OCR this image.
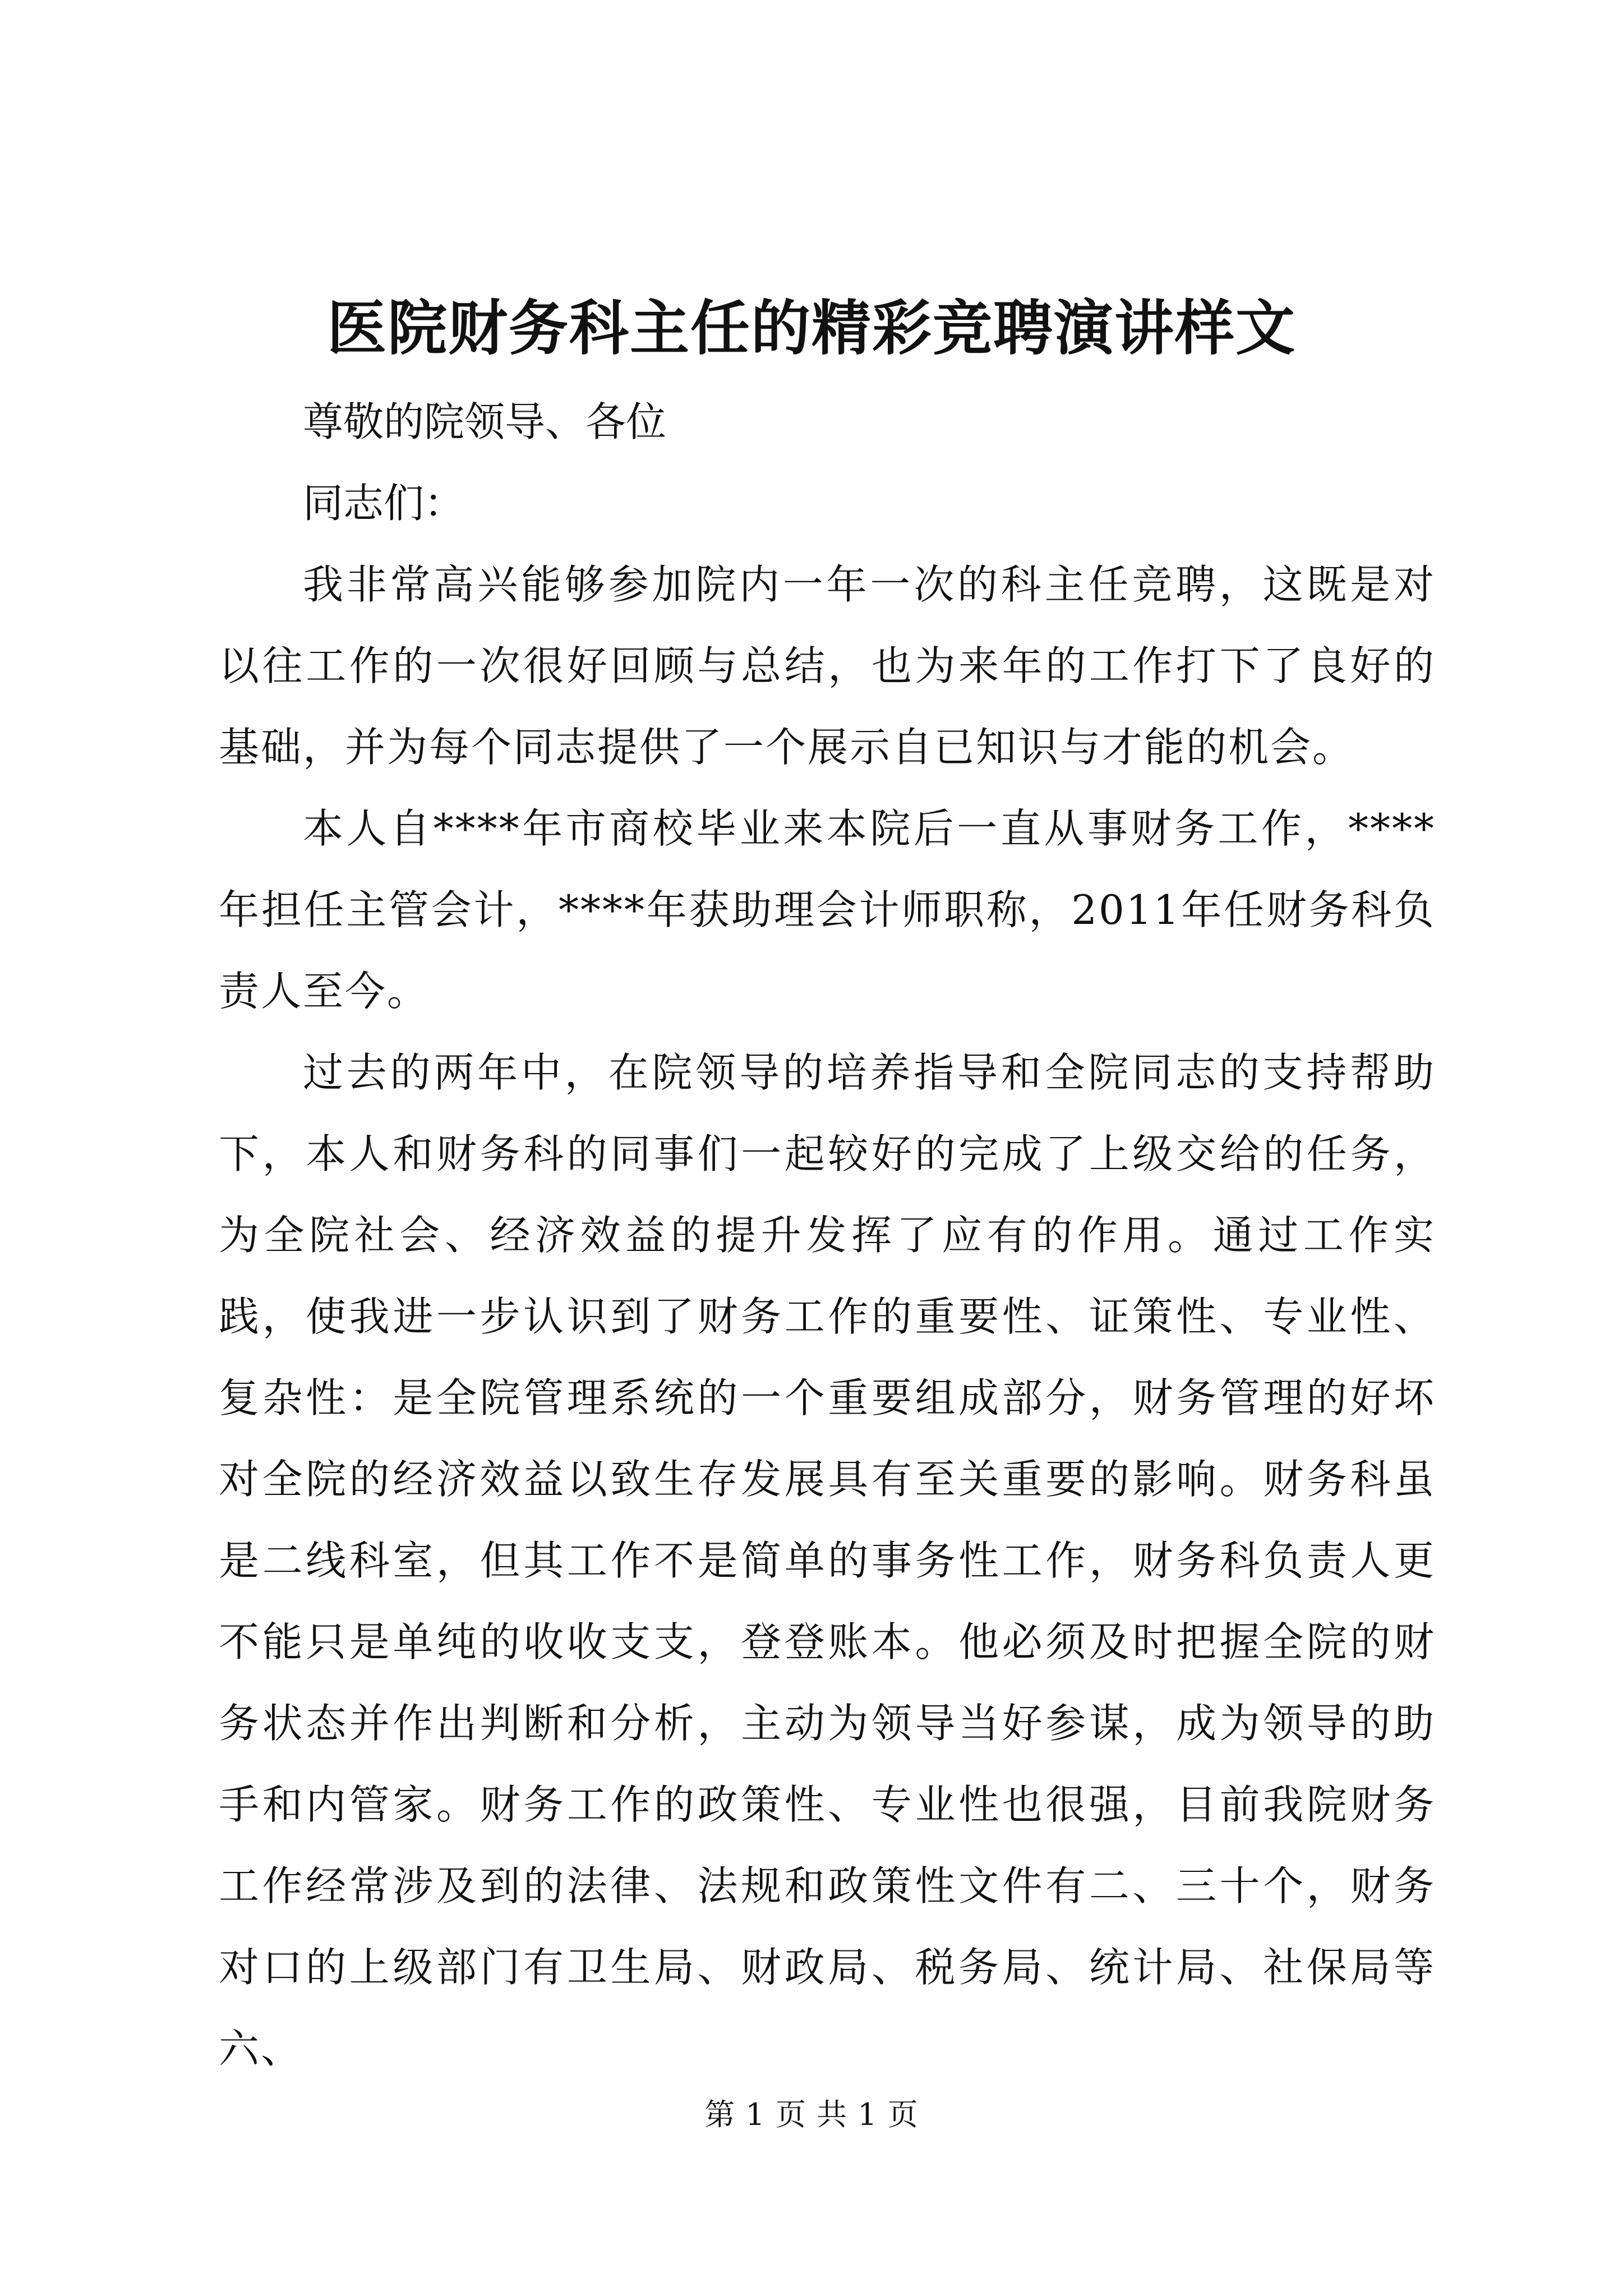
医院财务科主任的精彩竞聘演讲样文

尊敬的院领导、各位

同志们：

我非常高兴能够参加院内一年一次的科主任竞聘，这既是对以往工作的一次很好回顾与总结，也为来年的工作打下了良好的基础，并为每个同志提供了一个展示自已知识与才能的机会。

本人自****年市商校毕业来本院后一直从事财务工作，****年担任主管会计，****年获助理会计师职称，2011年任财务科负责人至今。

过去的两年中，在院领导的培养指导和全院同志的支持帮助下，本人和财务科的同事们一起较好的完成了上级交给的任务，为全院社会、经济效益的提升发挥了应有的作用。通过工作实践，使我进一步认识到了财务工作的重要性、证策性、专业性、复杂性：是全院管理系统的一个重要组成部分，财务管理的好坏对全院的经济效益以致生存发展具有至关重要的影响。财务科虽是二线科室，但其工作不是简单的事务性工作，财务科负责人更不能只是单纯的收收支支，登登账本。他必须及时把握全院的财务状态并作出判断和分析，主动为领导当好参谋，成为领导的助手和内管家。财务工作的政策性、专业性也很强，目前我院财务工作经常涉及到的法律、法规和政策性文件有二、三十个，财务对口的上级部门有卫生局、财政局、税务局、统计局、社保局等六、

第 1 页 共 1 页
